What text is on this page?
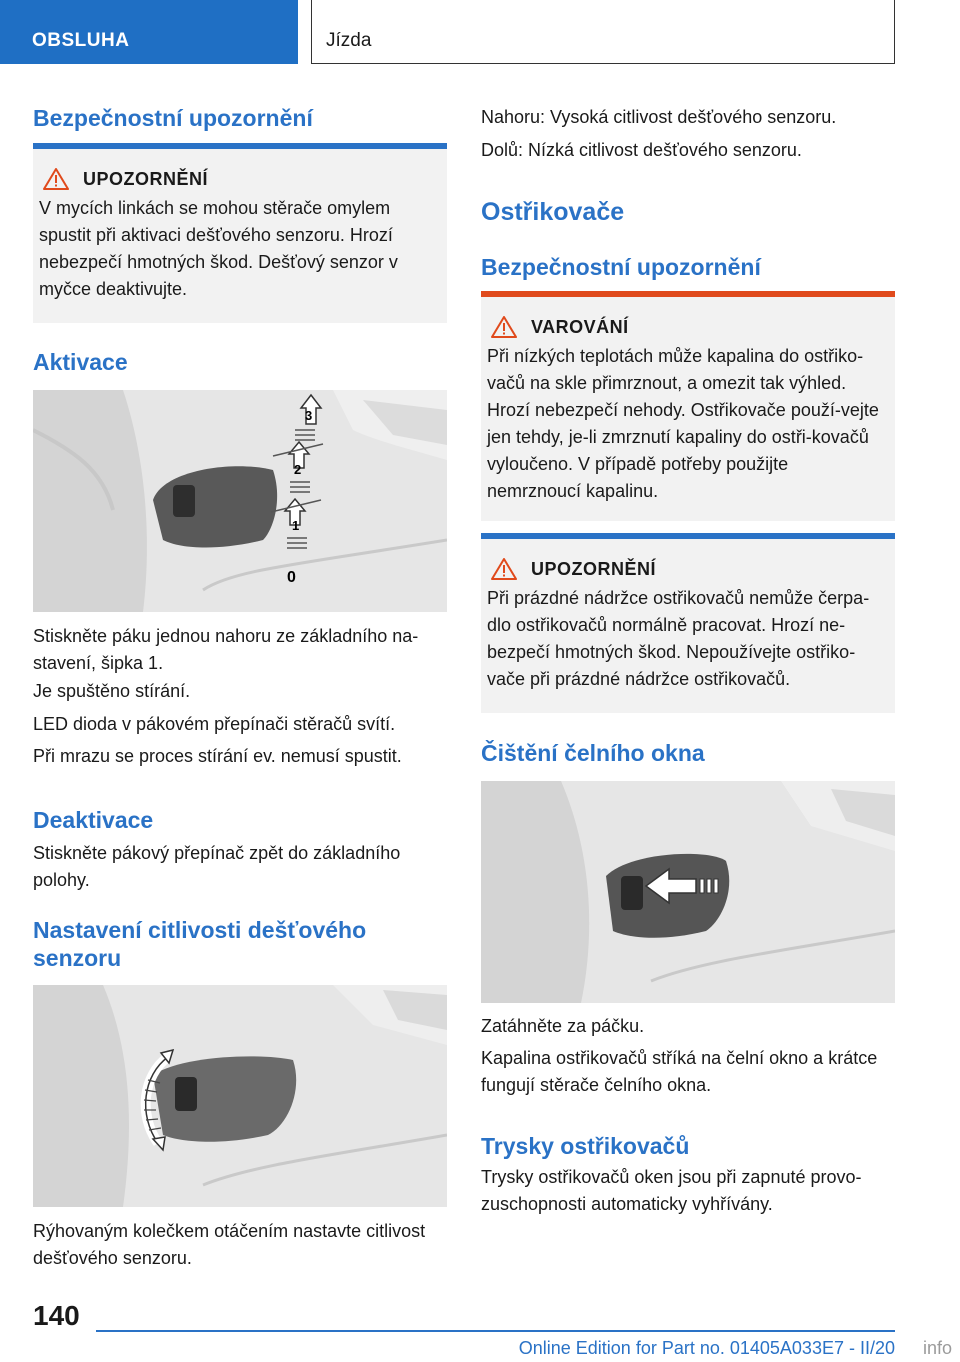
OBSLUHA	Jízda
Bezpečnostní upozornění
UPOZORNĚNÍ
V mycích linkách se mohou stěrače omylem spustit při aktivaci dešťového senzoru. Hrozí nebezpečí hmotných škod. Dešťový senzor v myčce deaktivujte.
Aktivace
3
2
1
0
Stiskněte páku jednou nahoru ze základního na-stavení, šipka 1.
Je spuštěno stírání.
LED dioda v pákovém přepínači stěračů svítí.
Při mrazu se proces stírání ev. nemusí spustit.
Deaktivace
Stiskněte pákový přepínač zpět do základního polohy.
Nastavení citlivosti dešťového senzoru
Rýhovaným kolečkem otáčením nastavte citlivost dešťového senzoru.
Nahoru: Vysoká citlivost dešťového senzoru.
Dolů: Nízká citlivost dešťového senzoru.
Ostřikovače
Bezpečnostní upozornění
VAROVÁNÍ
Při nízkých teplotách může kapalina do ostřiko-vačů na skle přimrznout, a omezit tak výhled. Hrozí nebezpečí nehody. Ostřikovače použí-vejte jen tehdy, je-li zmrznutí kapaliny do ostři-kovačů vyloučeno. V případě potřeby použijte nemrznoucí kapalinu.
UPOZORNĚNÍ
Při prázdné nádržce ostřikovačů nemůže čerpa-dlo ostřikovačů normálně pracovat. Hrozí ne-bezpečí hmotných škod. Nepoužívejte ostřiko-vače při prázdné nádržce ostřikovačů.
Čištění čelního okna
Zatáhněte za páčku.
Kapalina ostřikovačů stříká na čelní okno a krátce fungují stěrače čelního okna.
Trysky ostřikovačů
Trysky ostřikovačů oken jsou při zapnuté provo-zuschopnosti automaticky vyhřívány.
140
Online Edition for Part no. 01405A033E7 - II/20 info
